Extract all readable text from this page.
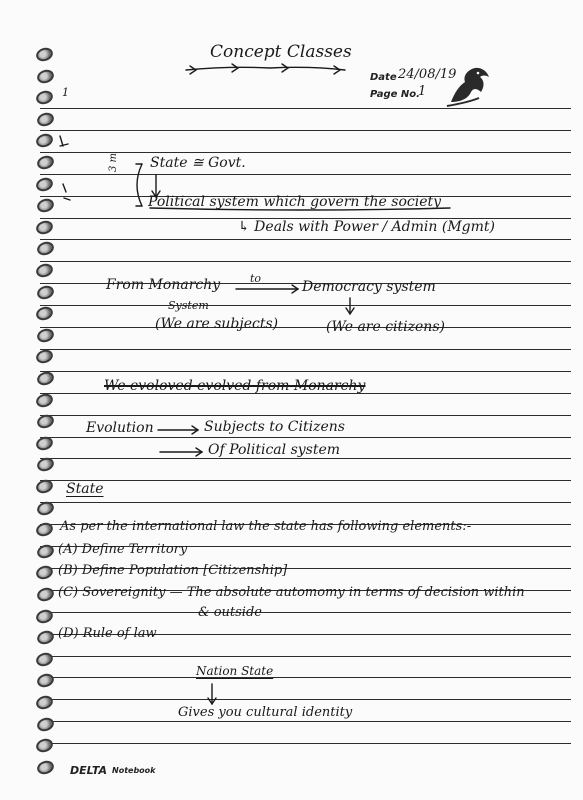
Concept Classes
Date 24/08/19
Page No.
1
1
3 m State ≅ Govt.
Political system which govern the society
↳ Deals with Power / Admin (Mgmt)
From Monarchy	to
Democracy system
System
(We are subjects)	(We are citizens)
We evoloved evolved from Monarchy
Evolution	Subjects to Citizens
Of Political system
State
As per the international law the state has following elements:-
(A) Define Territory
(B) Define Population [Citizenship]
(C) Sovereignity — The absolute automomy in terms of decision within
& outside
(D) Rule of law
Nation State
Gives you cultural identity
DELTA Notebook
